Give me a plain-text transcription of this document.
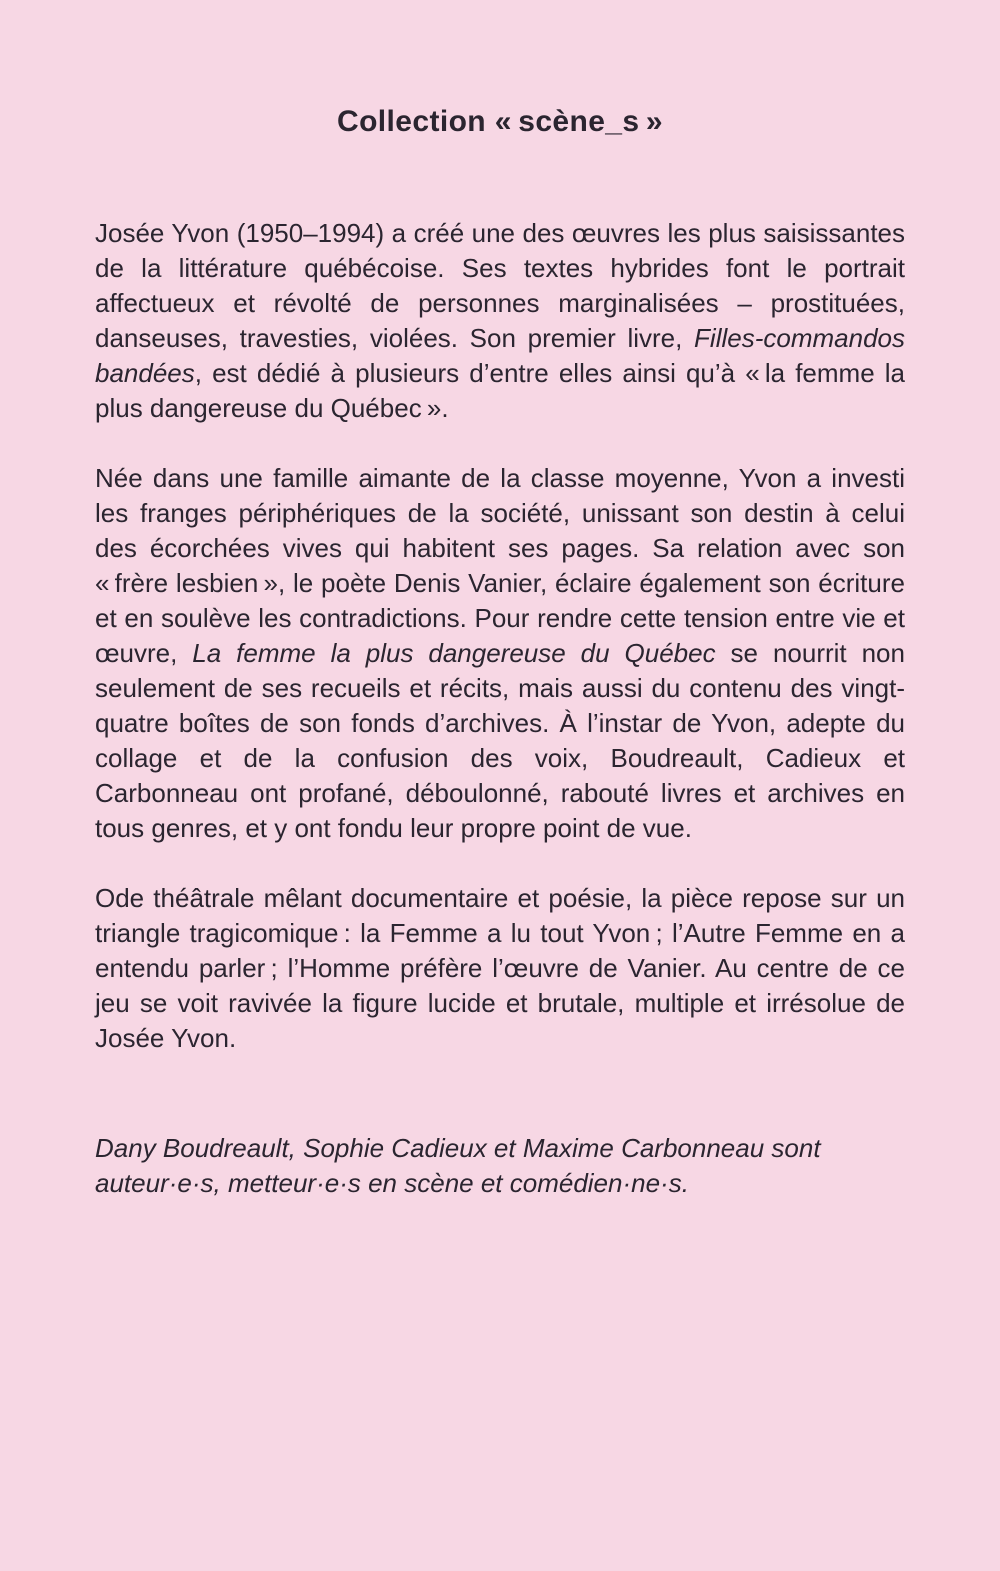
Collection « scène_s »

Josée Yvon (1950–1994) a créé une des œuvres les plus saisissantes de la littérature québécoise. Ses textes hybrides font le portrait affectueux et révolté de personnes marginalisées – prostituées, danseuses, travesties, violées. Son premier livre, Filles-commandos bandées, est dédié à plusieurs d’entre elles ainsi qu’à « la femme la plus dangereuse du Québec ».

Née dans une famille aimante de la classe moyenne, Yvon a investi les franges périphériques de la société, unissant son destin à celui des écorchées vives qui habitent ses pages. Sa relation avec son « frère lesbien », le poète Denis Vanier, éclaire également son écriture et en soulève les contradictions. Pour rendre cette tension entre vie et œuvre, La femme la plus dangereuse du Québec se nourrit non seulement de ses recueils et récits, mais aussi du contenu des vingt-quatre boîtes de son fonds d’archives. À l’instar de Yvon, adepte du collage et de la confusion des voix, Boudreault, Cadieux et Carbonneau ont profané, déboulonné, rabouté livres et archives en tous genres, et y ont fondu leur propre point de vue.

Ode théâtrale mêlant documentaire et poésie, la pièce repose sur un triangle tragicomique : la Femme a lu tout Yvon ; l’Autre Femme en a entendu parler ; l’Homme préfère l’œuvre de Vanier. Au centre de ce jeu se voit ravivée la figure lucide et brutale, multiple et irrésolue de Josée Yvon.

Dany Boudreault, Sophie Cadieux et Maxime Carbonneau sont auteur·e·s, metteur·e·s en scène et comédien·ne·s.
